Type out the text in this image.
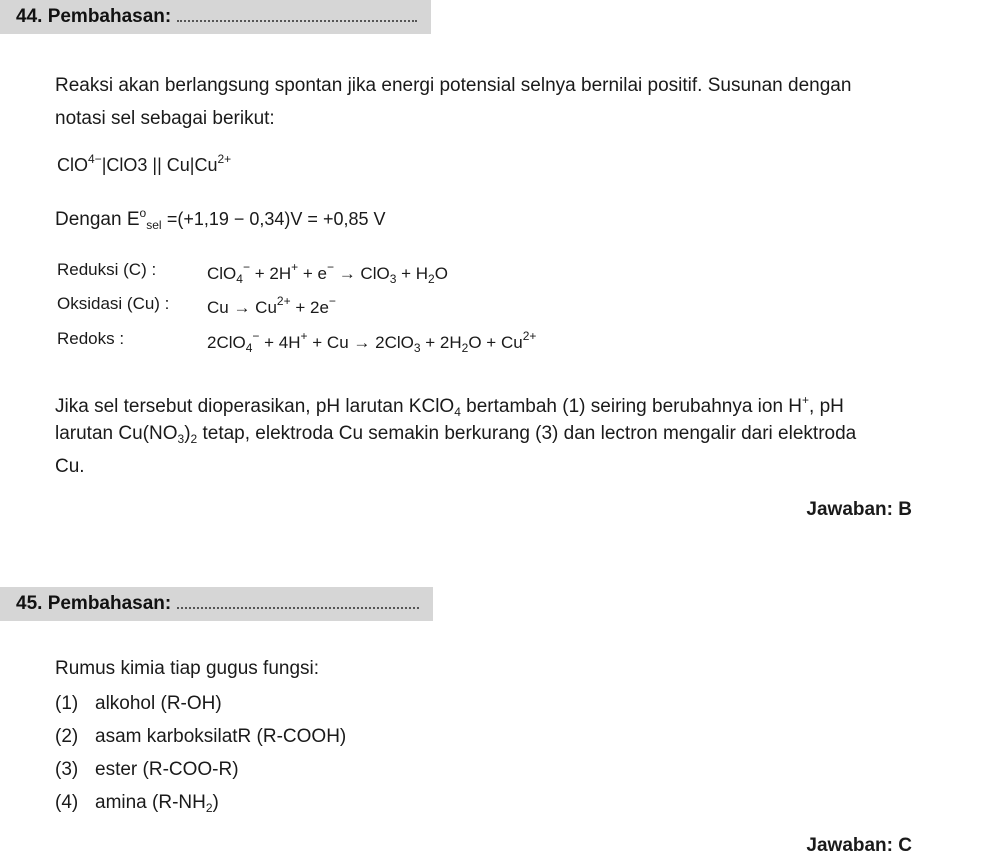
44. Pembahasan:
Reaksi akan berlangsung spontan jika energi potensial selnya bernilai positif. Susunan dengan
notasi sel sebagai berikut:
ClO$^{4-}$|ClO3 || $Cu|Cu^{2+}$
Dengan $E^o_{sel} =(+1,19 - 0,34)V = +0,85$ V
Reduksi (C) :	$ClO_4^- + 2H^+ + e^- \to ClO_3 + H_2O$
Oksidasi (Cu) : $Cu \to Cu^{2+} + 2e^-$
Redoks :	$2ClO_4^- + 4H^+ + Cu \to 2ClO_3 + 2H_2O + Cu^{2+}$
Jika sel tersebut dioperasikan, pH larutan KClO$_4$ bertambah (1) seiring berubahnya ion H+, pH
larutan $Cu(NO_3)_2$ tetap, elektroda Cu semakin berkurang (3) dan lectron mengalir dari elektroda
Cu.
Jawaban: B
45. Pembahasan:
Rumus kimia tiap gugus fungsi:
(1) alkohol (R-OH)
(2) asam karboksilatR (R-COOH)
(3) ester (R-COO-R)
(4) amina $(R-NH_2)$
Jawaban: C
